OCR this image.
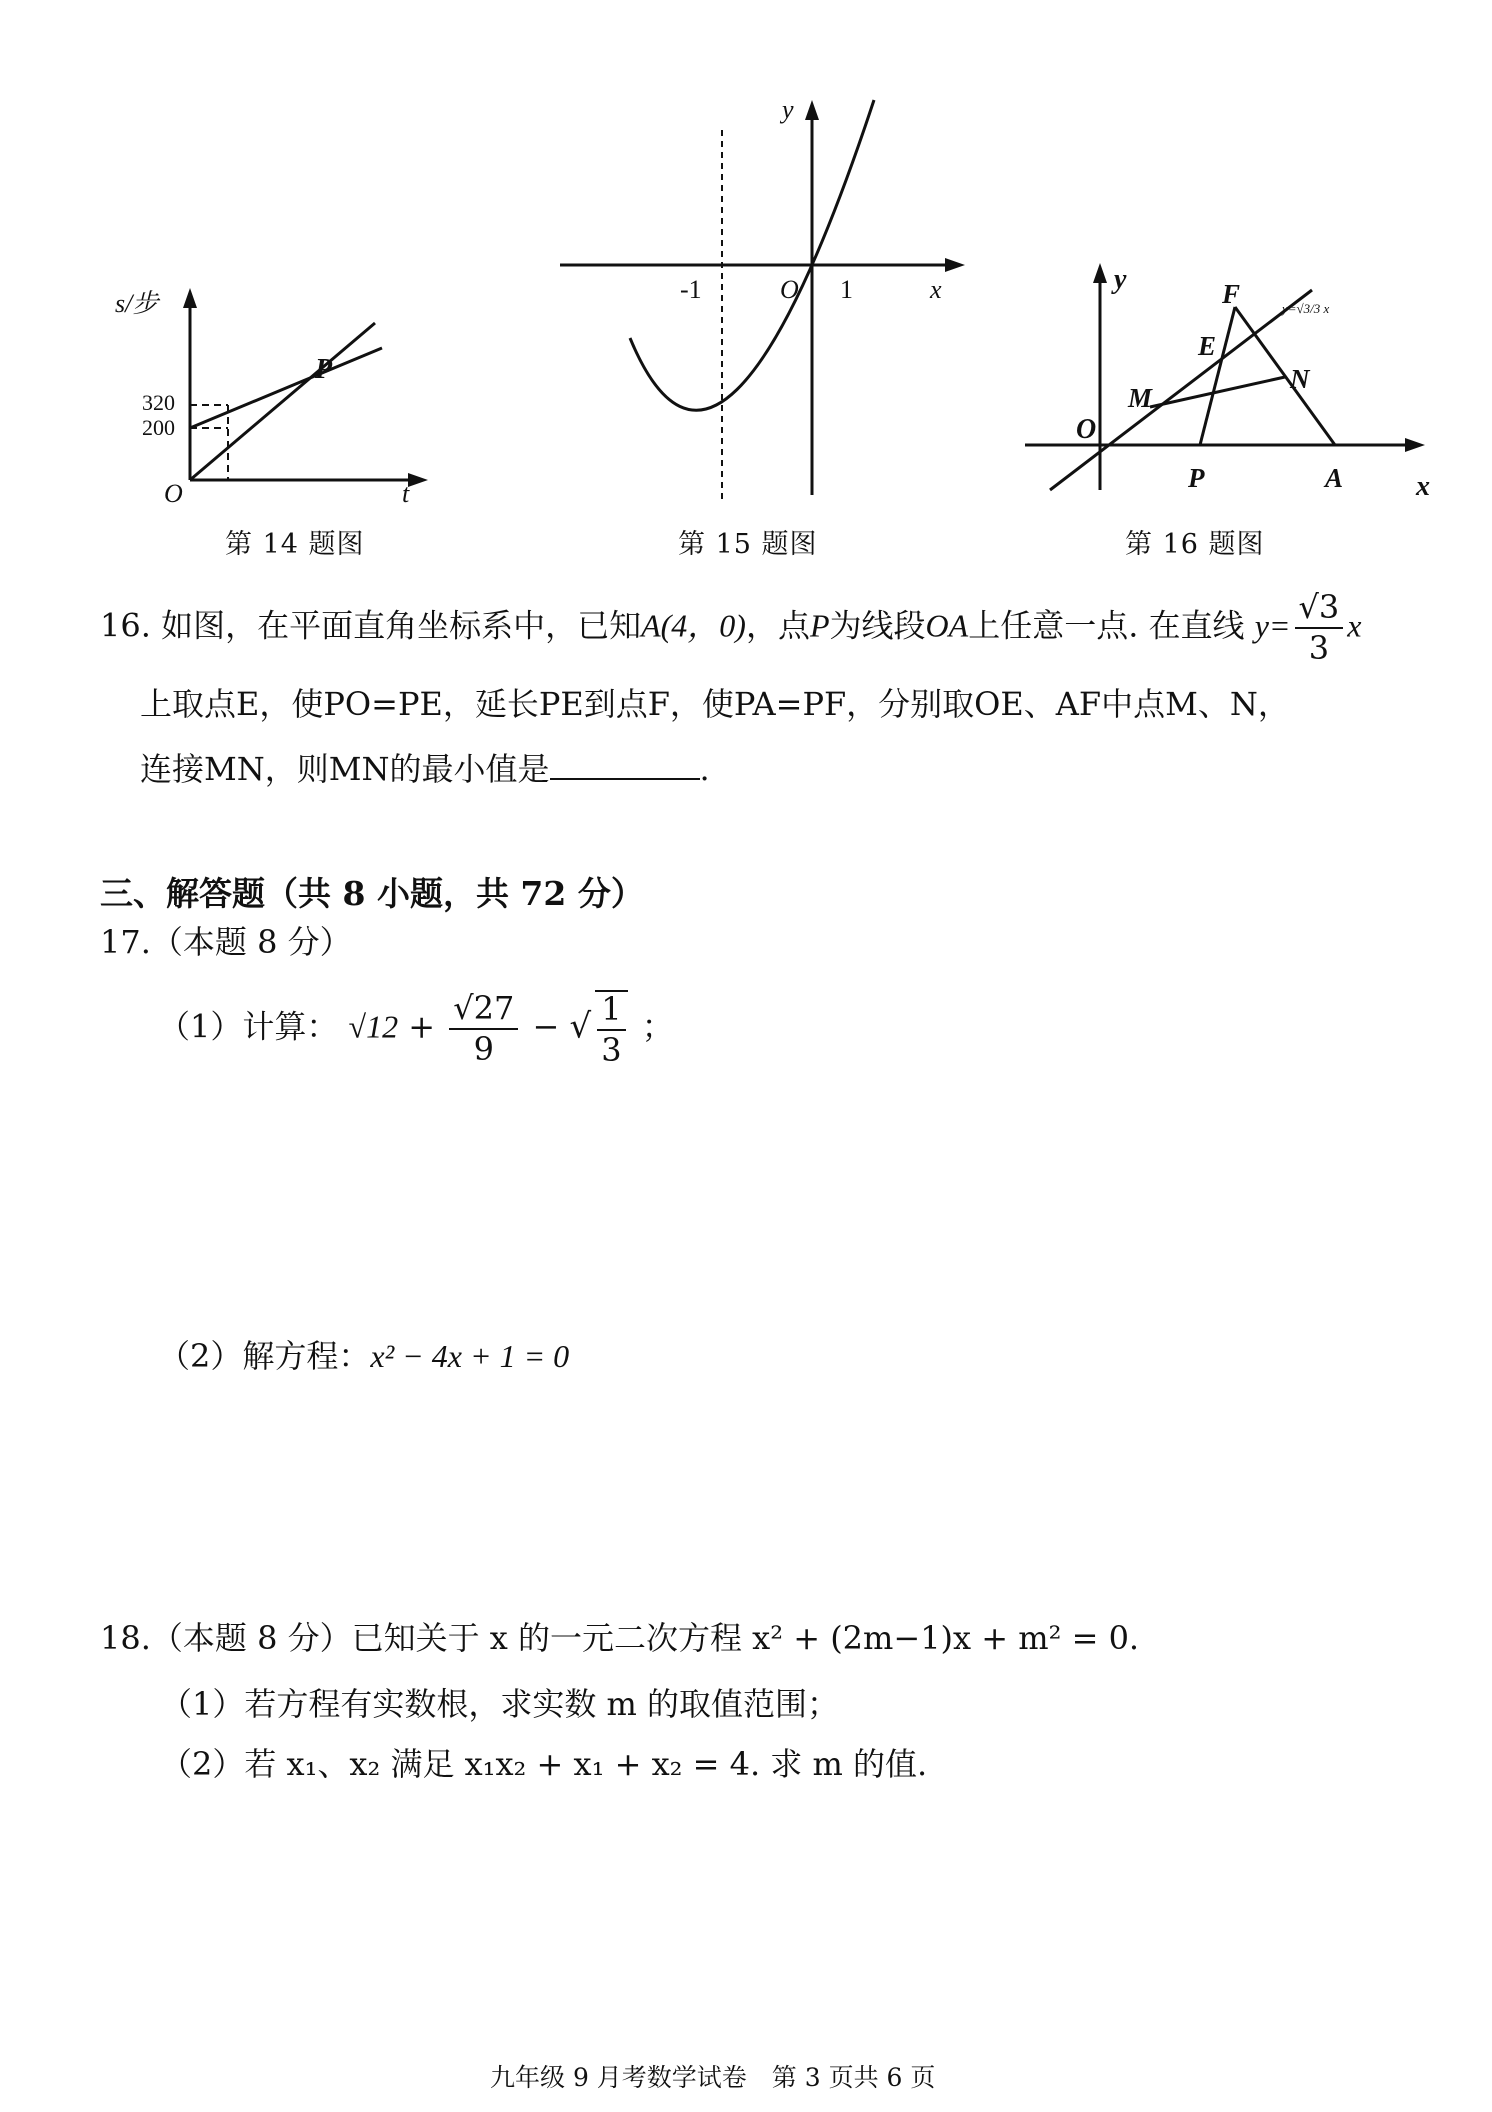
s/步
320
200
O	t
P
第 14 题图
y
-1	O 1	x
第 15 题图
y
O
x
y=√3/3 x
F
E
M
N
P	A
第 16 题图
16. 如图，在平面直角坐标系中，已知A(4，0)，点P为线段OA上任意一点. 在直线 $y= \frac{√3}{3}$ x
上取点E，使PO=PE，延长PE到点F，使PA=PF，分别取OE、AF中点M、N，
连接MN，则MN的最小值是	.
三、解答题（共 8 小题，共 72 分）
17.（本题 8 分）
（1）计算： $√12 + \frac{√27}{9}$ − √ $\frac{1}{3}$ ；
（2）解方程：x² − 4x + 1 = 0
18.（本题 8 分）已知关于 x 的一元二次方程 x² + (2m−1)x + m² = 0.
（1）若方程有实数根，求实数 m 的取值范围；
（2）若 x₁、x₂ 满足 x₁x₂ + x₁ + x₂ = 4. 求 m 的值.
九年级 9 月考数学试卷　第 3 页共 6 页
